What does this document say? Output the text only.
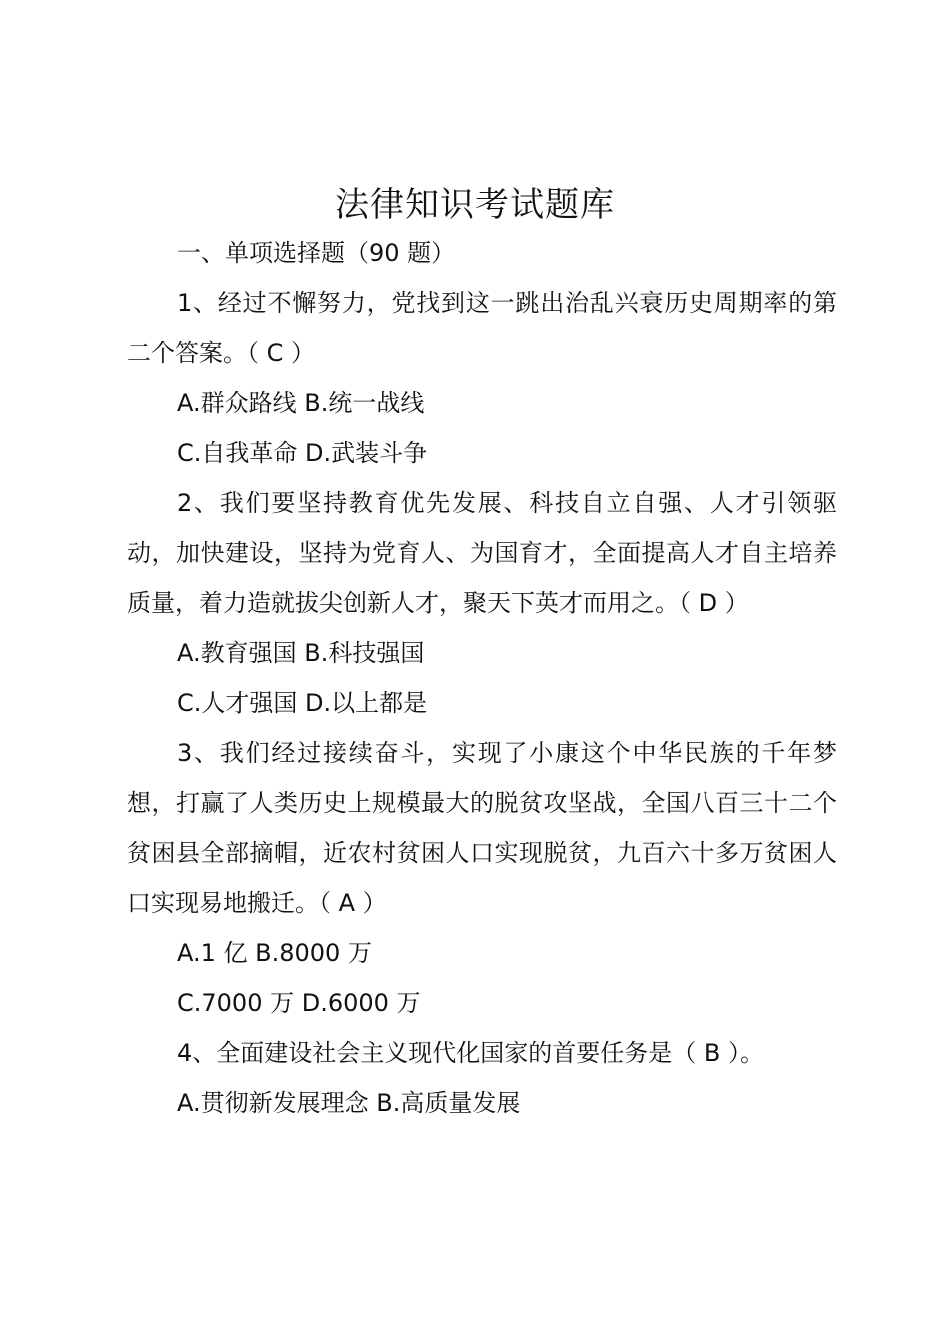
法律知识考试题库

一、单项选择题（90 题）

1、经过不懈努力，党找到这一跳出治乱兴衰历史周期率的第二个答案。（ C ）

A.群众路线 B.统一战线

C.自我革命 D.武装斗争

2、我们要坚持教育优先发展、科技自立自强、人才引领驱动，加快建设，坚持为党育人、为国育才，全面提高人才自主培养质量，着力造就拔尖创新人才，聚天下英才而用之。（ D ）

A.教育强国 B.科技强国

C.人才强国 D.以上都是

3、我们经过接续奋斗，实现了小康这个中华民族的千年梦想，打赢了人类历史上规模最大的脱贫攻坚战，全国八百三十二个贫困县全部摘帽，近农村贫困人口实现脱贫，九百六十多万贫困人口实现易地搬迁。（ A ）

A.1 亿 B.8000 万

C.7000 万 D.6000 万

4、全面建设社会主义现代化国家的首要任务是（ B ）。

A.贯彻新发展理念 B.高质量发展
